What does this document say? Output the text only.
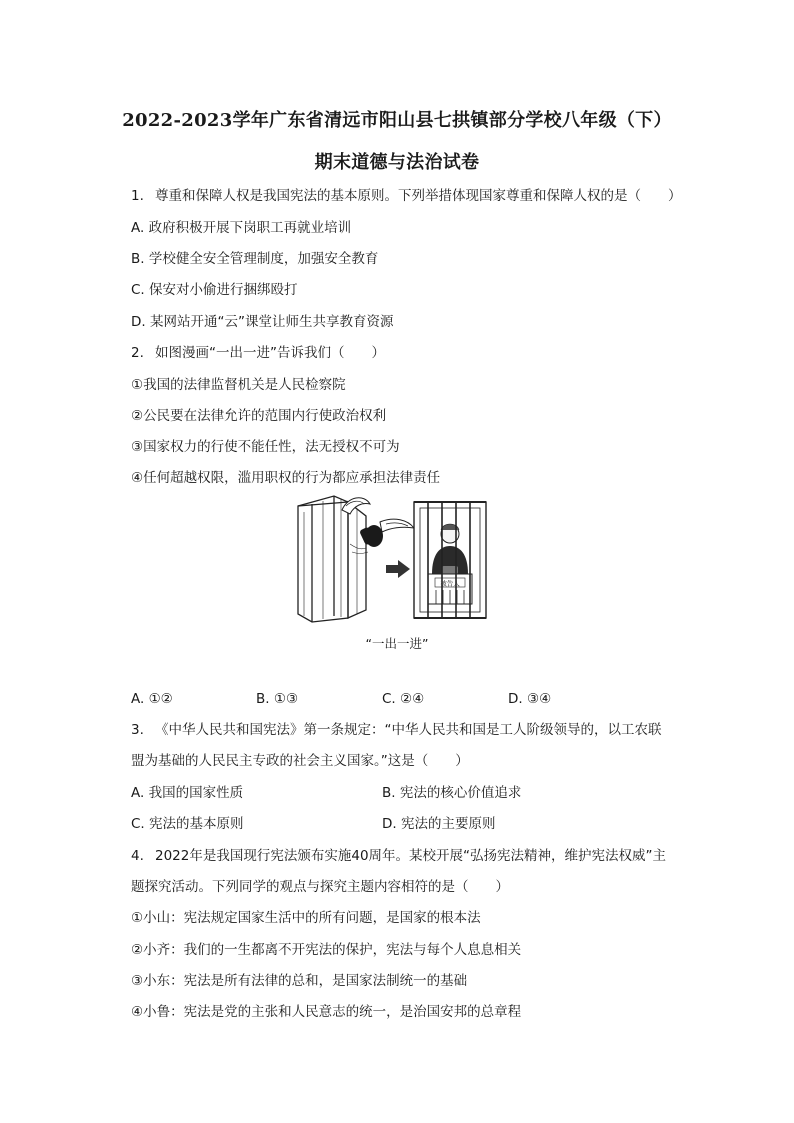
2022-2023学年广东省清远市阳山县七拱镇部分学校八年级（下）
期末道德与法治试卷
1. 尊重和保障人权是我国宪法的基本原则。下列举措体现国家尊重和保障人权的是（　　）
A. 政府积极开展下岗职工再就业培训
B. 学校健全安全管理制度，加强安全教育
C. 保安对小偷进行捆绑殴打
D. 某网站开通“云”课堂让师生共享教育资源
2. 如图漫画“一出一进”告诉我们（　　）
①我国的法律监督机关是人民检察院
②公民要在法律允许的范围内行使政治权利
③国家权力的行使不能任性，法无授权不可为
④任何超越权限，滥用职权的行为都应承担法律责任
被告人
“一出一进”
A. ①②	B. ①③	C. ②④	D. ③④
3. 《中华人民共和国宪法》第一条规定：“中华人民共和国是工人阶级领导的，以工农联
盟为基础的人民民主专政的社会主义国家。”这是（　　）
A. 我国的国家性质	B. 宪法的核心价值追求
C. 宪法的基本原则	D. 宪法的主要原则
4. 2022年是我国现行宪法颁布实施40周年。某校开展“弘扬宪法精神，维护宪法权威”主
题探究活动。下列同学的观点与探究主题内容相符的是（　　）
①小山：宪法规定国家生活中的所有问题，是国家的根本法
②小齐：我们的一生都离不开宪法的保护，宪法与每个人息息相关
③小东：宪法是所有法律的总和，是国家法制统一的基础
④小鲁：宪法是党的主张和人民意志的统一，是治国安邦的总章程
